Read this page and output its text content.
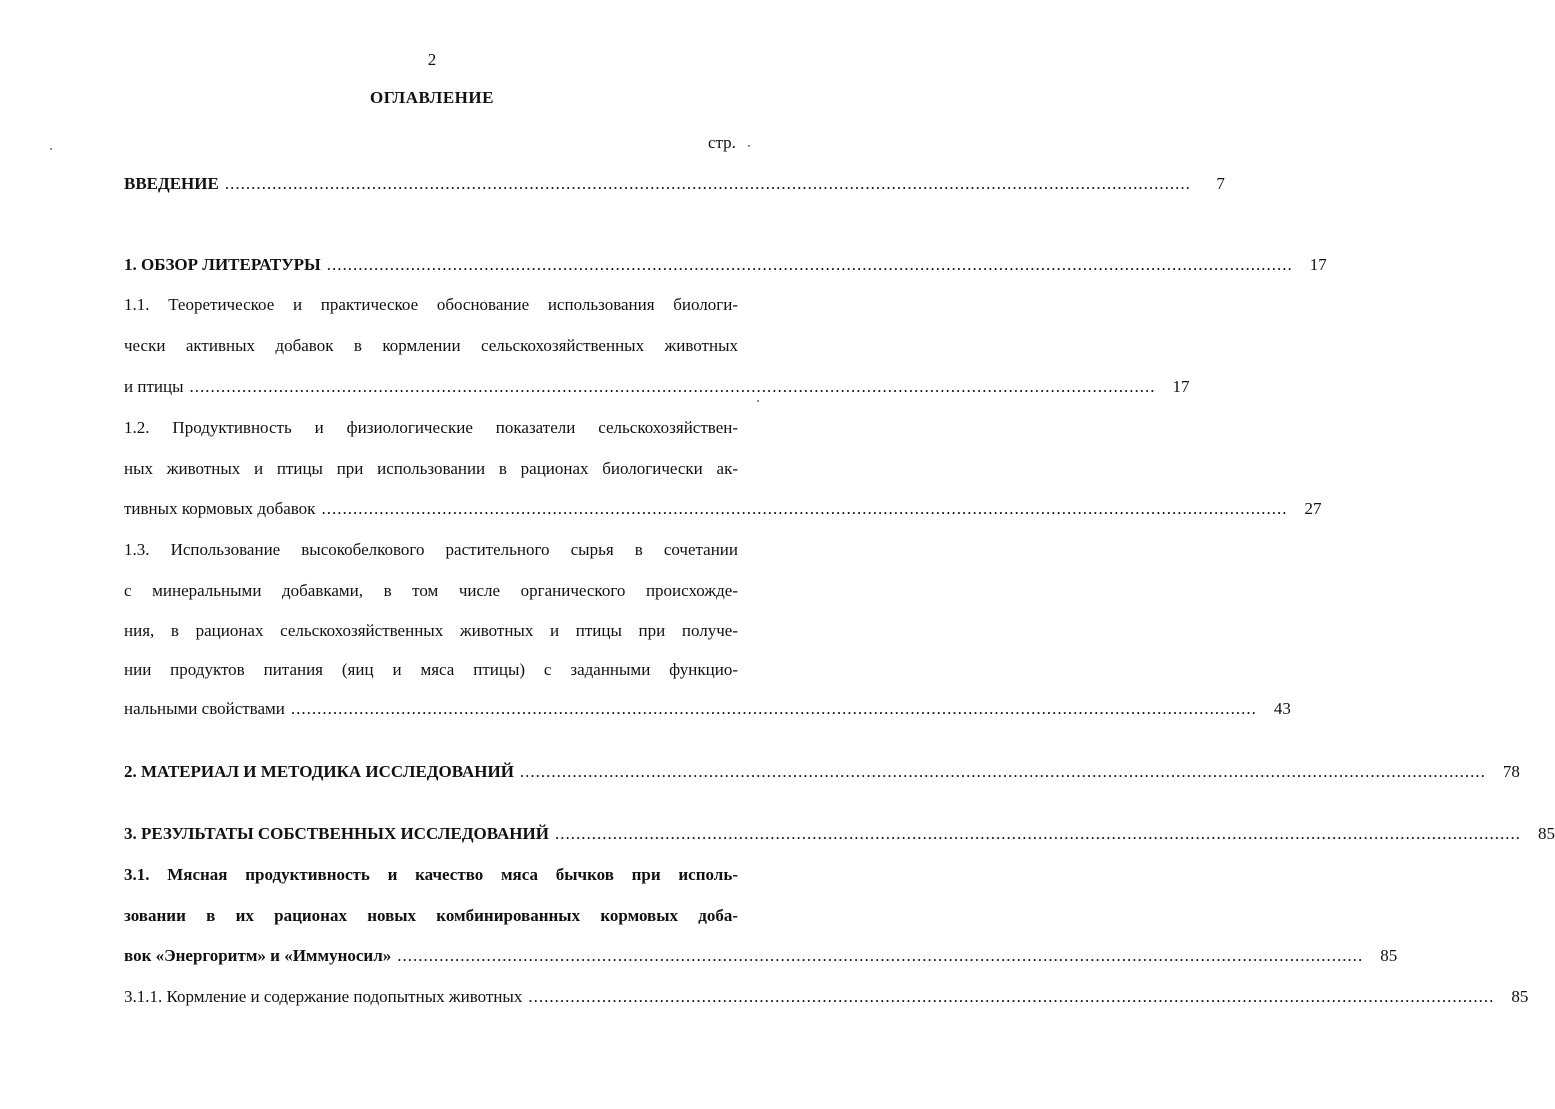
2
ОГЛАВЛЕНИЕ
стр.
ВВЕДЕНИЕ ........................................................................................................................................................................................	7
1. ОБЗОР ЛИТЕРАТУРЫ ........................................................................................................................................................................................	17
1.1. Теоретическое и практическое обоснование использования биологи-
чески активных добавок в кормлении сельскохозяйственных животных
и птицы ........................................................................................................................................................................................	17
1.2. Продуктивность и физиологические показатели сельскохозяйствен-
ных животных и птицы при использовании в рационах биологически ак-
тивных кормовых добавок ........................................................................................................................................................................................	27
1.3. Использование высокобелкового растительного сырья в сочетании
с минеральными добавками, в том числе органического происхожде-
ния, в рационах сельскохозяйственных животных и птицы при получе-
нии продуктов питания (яиц и мяса птицы) с заданными функцио-
нальными свойствами ........................................................................................................................................................................................	43
2. МАТЕРИАЛ И МЕТОДИКА ИССЛЕДОВАНИЙ ........................................................................................................................................................................................	78
3. РЕЗУЛЬТАТЫ СОБСТВЕННЫХ ИССЛЕДОВАНИЙ ........................................................................................................................................................................................	85
3.1. Мясная продуктивность и качество мяса бычков при исполь-
зовании в их рационах новых комбинированных кормовых доба-
вок «Энергоритм» и «Иммуносил» ........................................................................................................................................................................................	85
3.1.1. Кормление и содержание подопытных животных ........................................................................................................................................................................................	85
